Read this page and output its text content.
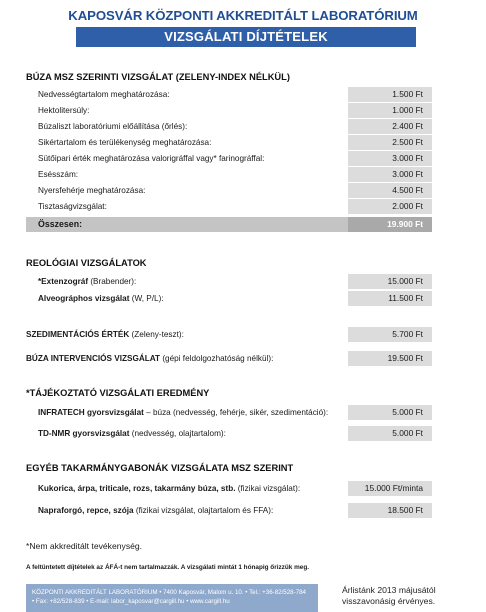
KAPOSVÁR KÖZPONTI AKKREDITÁLT LABORATÓRIUM
VIZSGÁLATI DÍJTÉTELEK
BÚZA MSZ SZERINTI VIZSGÁLAT (ZELENY-INDEX NÉLKÜL)
Nedvességtartalom meghatározása:	1.500 Ft
Hektolitersúly:	1.000 Ft
Búzaliszt laboratóriumi előállítása (őrlés):	2.400 Ft
Sikértartalom és terülékenység meghatározása:	2.500 Ft
Sütőipari érték meghatározása valorigráffal vagy* farinográffal:	3.000 Ft
Esésszám:	3.000 Ft
Nyersfehérje meghatározása:	4.500 Ft
Tisztaságvizsgálat:	2.000 Ft
Összesen:	19.900 Ft
REOLÓGIAI VIZSGÁLATOK
*Extenzográf (Brabender):	15.000 Ft
Alveográphos vizsgálat (W, P/L):	11.500 Ft
SZEDIMENTÁCIÓS ÉRTÉK (Zeleny-teszt):	5.700 Ft
BÚZA INTERVENCIÓS VIZSGÁLAT (gépi feldolgozhatóság nélkül):	19.500 Ft
*TÁJÉKOZTATÓ VIZSGÁLATI EREDMÉNY
INFRATECH gyorsvizsgálat – búza (nedvesség, fehérje, sikér, szedimentáció):	5.000 Ft
TD-NMR gyorsvizsgálat (nedvesség, olajtartalom):	5.000 Ft
EGYÉB TAKARMÁNYGABONÁK VIZSGÁLATA MSZ SZERINT
Kukorica, árpa, triticale, rozs, takarmány búza, stb. (fizikai vizsgálat):	15.000 Ft/minta
Napraforgó, repce, szója (fizikai vizsgálat, olajtartalom és FFA):	18.500 Ft
*Nem akkreditált tevékenység.
A feltüntetett díjtételek az ÁFÁ-t nem tartalmazzák. A vizsgálati mintát 1 hónapig őrizzük meg.
KÖZPONTI AKKREDITÁLT LABORATÓRIUM • 7400 Kaposvár, Malom u. 10. • Tel.: +36-82/528-784
• Fax: +82/528-839 • E-mail: labor_kaposvar@cargill.hu • www.cargill.hu
Árlistánk 2013 májusától
visszavonásig érvényes.
